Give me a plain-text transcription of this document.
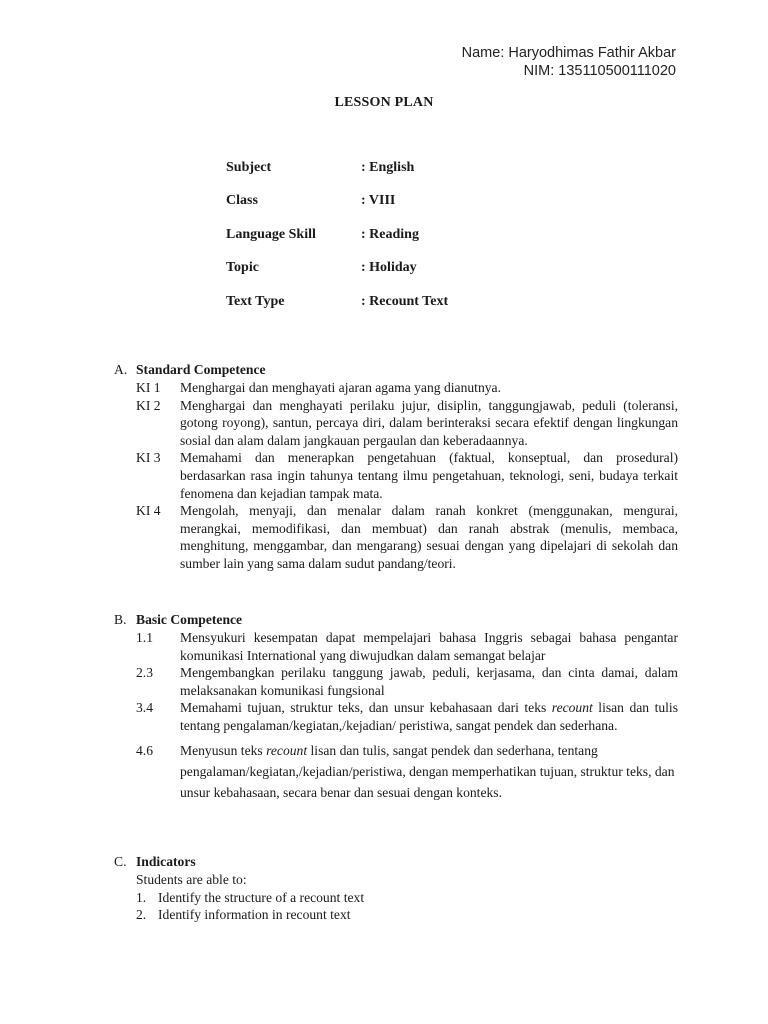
Name: Haryodhimas Fathir Akbar
NIM: 135110500111020
LESSON PLAN
Subject	: English
Class	: VIII
Language Skill	: Reading
Topic	: Holiday
Text Type	: Recount Text
A. Standard Competence
KI 1	Menghargai dan menghayati ajaran agama yang dianutnya.
KI 2	Menghargai dan menghayati perilaku jujur, disiplin, tanggungjawab, peduli (toleransi, gotong royong), santun, percaya diri, dalam berinteraksi secara efektif dengan lingkungan sosial dan alam dalam jangkauan pergaulan dan keberadaannya.
KI 3	Memahami dan menerapkan pengetahuan (faktual, konseptual, dan prosedural) berdasarkan rasa ingin tahunya tentang ilmu pengetahuan, teknologi, seni, budaya terkait fenomena dan kejadian tampak mata.
KI 4	Mengolah, menyaji, dan menalar dalam ranah konkret (menggunakan, mengurai, merangkai, memodifikasi, dan membuat) dan ranah abstrak (menulis, membaca, menghitung, menggambar, dan mengarang) sesuai dengan yang dipelajari di sekolah dan sumber lain yang sama dalam sudut pandang/teori.
B. Basic Competence
1.1	Mensyukuri kesempatan dapat mempelajari bahasa Inggris sebagai bahasa pengantar komunikasi International yang diwujudkan dalam semangat belajar
2.3	Mengembangkan perilaku tanggung jawab, peduli, kerjasama, dan cinta damai, dalam melaksanakan komunikasi fungsional
3.4	Memahami tujuan, struktur teks, dan unsur kebahasaan dari teks recount lisan dan tulis tentang pengalaman/kegiatan,/kejadian/ peristiwa, sangat pendek dan sederhana.
4.6	Menyusun teks recount lisan dan tulis, sangat pendek dan sederhana, tentang pengalaman/kegiatan,/kejadian/peristiwa, dengan memperhatikan tujuan, struktur teks, dan unsur kebahasaan, secara benar dan sesuai dengan konteks.
C. Indicators
Students are able to:
1. Identify the structure of a recount text
2. Identify information in recount text
